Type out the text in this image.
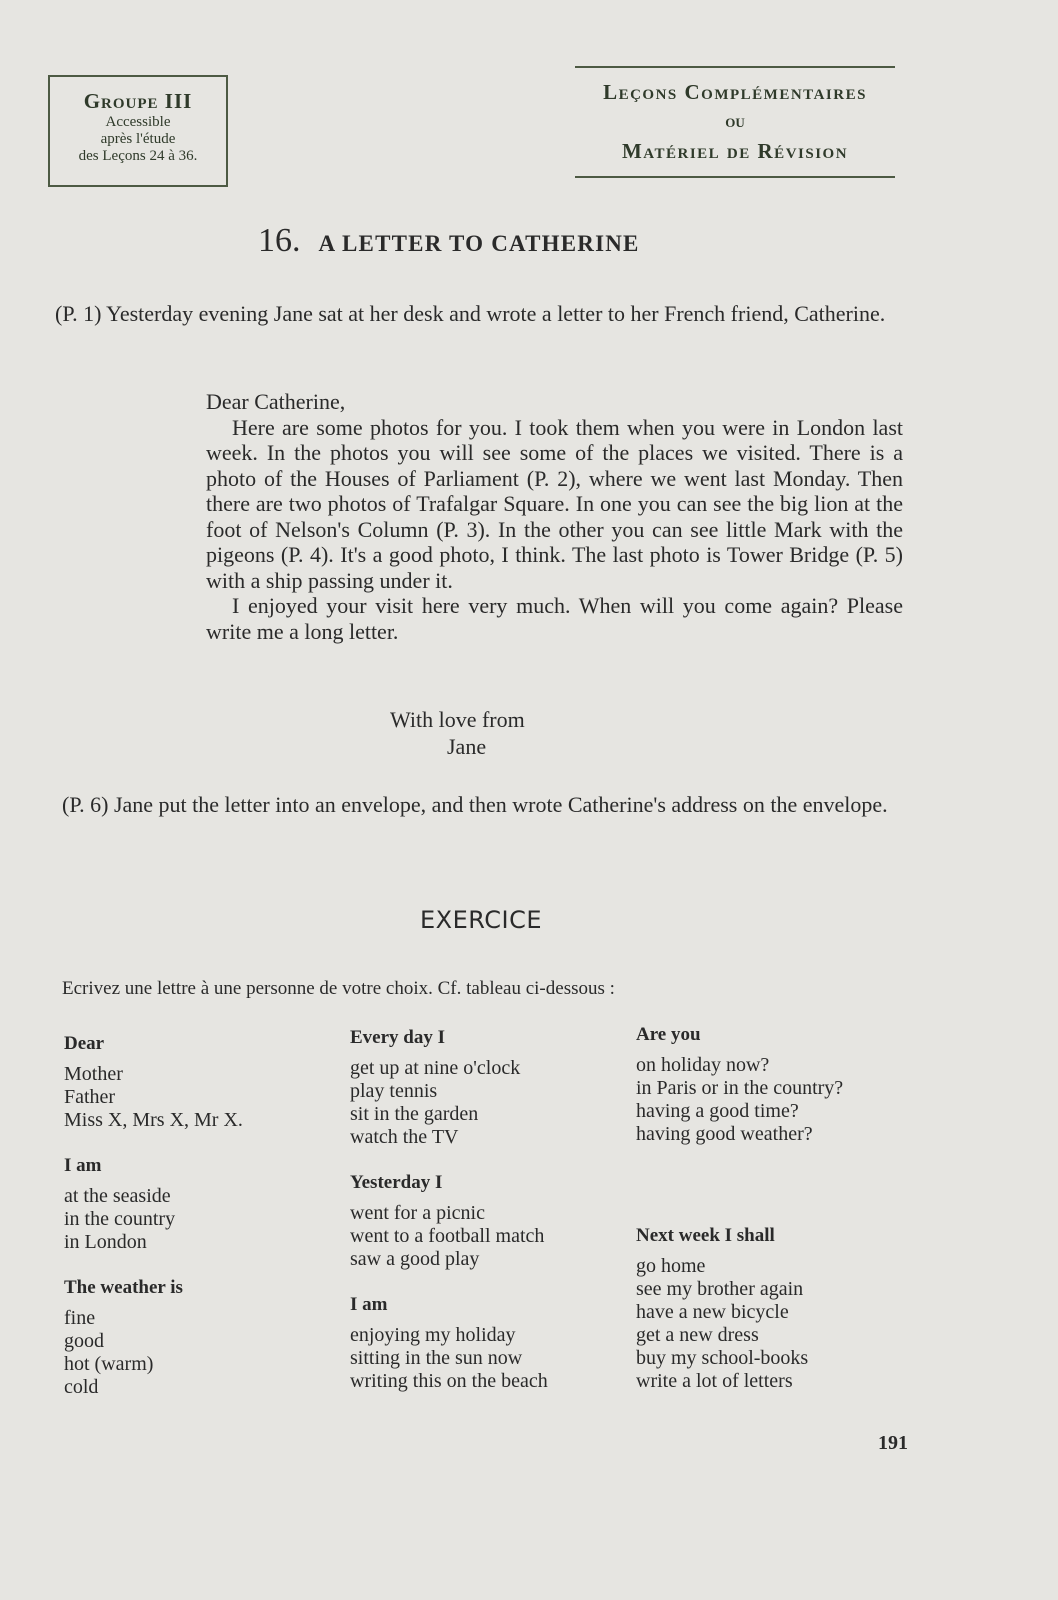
Groupe III
Accessible
après l'étude
des Leçons 24 à 36.
Leçons Complémentaires
ou
Matériel de Révision
16. A LETTER TO CATHERINE
(P. 1) Yesterday evening Jane sat at her desk and wrote a letter to her French friend, Catherine.

Dear Catherine,

Here are some photos for you. I took them when you were in London last week. In the photos you will see some of the places we visited. There is a photo of the Houses of Parliament (P. 2), where we went last Monday. Then there are two photos of Trafalgar Square. In one you can see the big lion at the foot of Nelson's Column (P. 3). In the other you can see little Mark with the pigeons (P. 4). It's a good photo, I think. The last photo is Tower Bridge (P. 5) with a ship passing under it.

I enjoyed your visit here very much. When will you come again? Please write me a long letter.

With love from
Jane
(P. 6) Jane put the letter into an envelope, and then wrote Catherine's address on the envelope.
EXERCICE
Ecrivez une lettre à une personne de votre choix. Cf. tableau ci-dessous :
Dear
Mother
Father
Miss X, Mrs X, Mr X.
I am
at the seaside
in the country
in London
The weather is
fine
good
hot (warm)
cold
Every day I
get up at nine o'clock
play tennis
sit in the garden
watch the TV
Yesterday I
went for a picnic
went to a football match
saw a good play
I am
enjoying my holiday
sitting in the sun now
writing this on the beach
Are you
on holiday now?
in Paris or in the country?
having a good time?
having good weather?
Next week I shall
go home
see my brother again
have a new bicycle
get a new dress
buy my school-books
write a lot of letters
191
